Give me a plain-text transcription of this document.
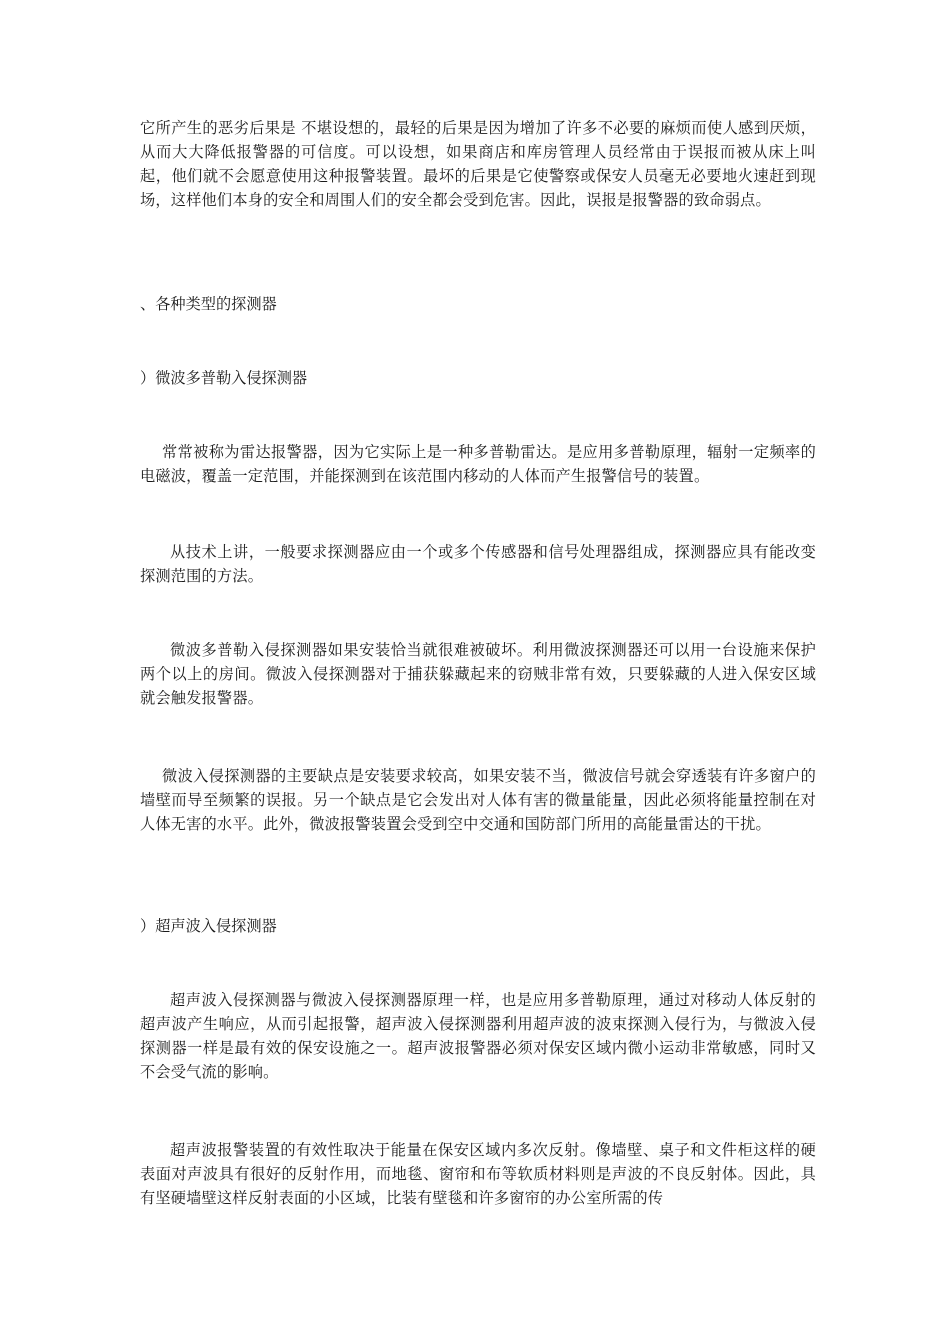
它所产生的恶劣后果是 不堪设想的，最轻的后果是因为增加了许多不必要的麻烦而使人感到厌烦，从而大大降低报警器的可信度。可以设想，如果商店和库房管理人员经常由于误报而被从床上叫起，他们就不会愿意使用这种报警装置。最坏的后果是它使警察或保安人员毫无必要地火速赶到现场，这样他们本身的安全和周围人们的安全都会受到危害。因此，误报是报警器的致命弱点。

、各种类型的探测器

）微波多普勒入侵探测器

常常被称为雷达报警器，因为它实际上是一种多普勒雷达。是应用多普勒原理，辐射一定频率的电磁波，覆盖一定范围，并能探测到在该范围内移动的人体而产生报警信号的装置。

从技术上讲，一般要求探测器应由一个或多个传感器和信号处理器组成，探测器应具有能改变探测范围的方法。

微波多普勒入侵探测器如果安装恰当就很难被破坏。利用微波探测器还可以用一台设施来保护两个以上的房间。微波入侵探测器对于捕获躲藏起来的窃贼非常有效，只要躲藏的人进入保安区域就会触发报警器。

微波入侵探测器的主要缺点是安装要求较高，如果安装不当，微波信号就会穿透装有许多窗户的墙壁而导至频繁的误报。另一个缺点是它会发出对人体有害的微量能量，因此必须将能量控制在对人体无害的水平。此外，微波报警装置会受到空中交通和国防部门所用的高能量雷达的干扰。

）超声波入侵探测器

超声波入侵探测器与微波入侵探测器原理一样，也是应用多普勒原理，通过对移动人体反射的超声波产生响应，从而引起报警，超声波入侵探测器利用超声波的波束探测入侵行为，与微波入侵探测器一样是最有效的保安设施之一。超声波报警器必须对保安区域内微小运动非常敏感，同时又不会受气流的影响。

超声波报警装置的有效性取决于能量在保安区域内多次反射。像墙壁、桌子和文件柜这样的硬表面对声波具有很好的反射作用，而地毯、窗帘和布等软质材料则是声波的不良反射体。因此，具有坚硬墙壁这样反射表面的小区域，比装有壁毯和许多窗帘的办公室所需的传
